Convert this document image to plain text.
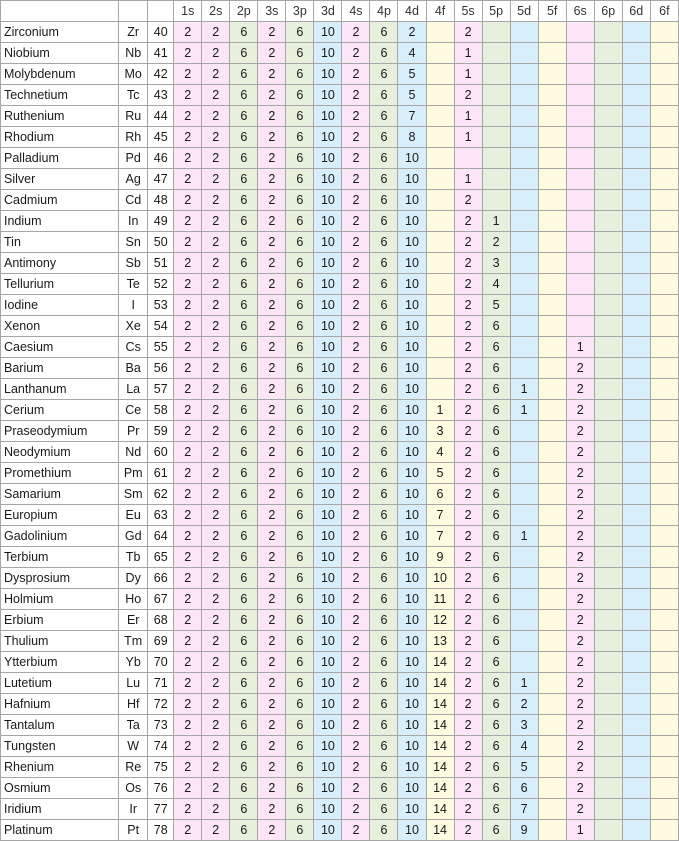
			1s	2s	2p	3s	3p	3d	4s	4p	4d	4f	5s	5p	5d	5f	6s	6p	6d	6f
Zirconium	Zr	40	2	2	6	2	6	10	2	6	2		2							
Niobium	Nb	41	2	2	6	2	6	10	2	6	4		1							
Molybdenum	Mo	42	2	2	6	2	6	10	2	6	5		1							
Technetium	Tc	43	2	2	6	2	6	10	2	6	5		2							
Ruthenium	Ru	44	2	2	6	2	6	10	2	6	7		1							
Rhodium	Rh	45	2	2	6	2	6	10	2	6	8		1							
Palladium	Pd	46	2	2	6	2	6	10	2	6	10									
Silver	Ag	47	2	2	6	2	6	10	2	6	10		1							
Cadmium	Cd	48	2	2	6	2	6	10	2	6	10		2							
Indium	In	49	2	2	6	2	6	10	2	6	10		2	1						
Tin	Sn	50	2	2	6	2	6	10	2	6	10		2	2						
Antimony	Sb	51	2	2	6	2	6	10	2	6	10		2	3						
Tellurium	Te	52	2	2	6	2	6	10	2	6	10		2	4						
Iodine	I	53	2	2	6	2	6	10	2	6	10		2	5						
Xenon	Xe	54	2	2	6	2	6	10	2	6	10		2	6						
Caesium	Cs	55	2	2	6	2	6	10	2	6	10		2	6			1			
Barium	Ba	56	2	2	6	2	6	10	2	6	10		2	6			2			
Lanthanum	La	57	2	2	6	2	6	10	2	6	10		2	6	1		2			
Cerium	Ce	58	2	2	6	2	6	10	2	6	10	1	2	6	1		2			
Praseodymium	Pr	59	2	2	6	2	6	10	2	6	10	3	2	6			2			
Neodymium	Nd	60	2	2	6	2	6	10	2	6	10	4	2	6			2			
Promethium	Pm	61	2	2	6	2	6	10	2	6	10	5	2	6			2			
Samarium	Sm	62	2	2	6	2	6	10	2	6	10	6	2	6			2			
Europium	Eu	63	2	2	6	2	6	10	2	6	10	7	2	6			2			
Gadolinium	Gd	64	2	2	6	2	6	10	2	6	10	7	2	6	1		2			
Terbium	Tb	65	2	2	6	2	6	10	2	6	10	9	2	6			2			
Dysprosium	Dy	66	2	2	6	2	6	10	2	6	10	10	2	6			2			
Holmium	Ho	67	2	2	6	2	6	10	2	6	10	11	2	6			2			
Erbium	Er	68	2	2	6	2	6	10	2	6	10	12	2	6			2			
Thulium	Tm	69	2	2	6	2	6	10	2	6	10	13	2	6			2			
Ytterbium	Yb	70	2	2	6	2	6	10	2	6	10	14	2	6			2			
Lutetium	Lu	71	2	2	6	2	6	10	2	6	10	14	2	6	1		2			
Hafnium	Hf	72	2	2	6	2	6	10	2	6	10	14	2	6	2		2			
Tantalum	Ta	73	2	2	6	2	6	10	2	6	10	14	2	6	3		2			
Tungsten	W	74	2	2	6	2	6	10	2	6	10	14	2	6	4		2			
Rhenium	Re	75	2	2	6	2	6	10	2	6	10	14	2	6	5		2			
Osmium	Os	76	2	2	6	2	6	10	2	6	10	14	2	6	6		2			
Iridium	Ir	77	2	2	6	2	6	10	2	6	10	14	2	6	7		2			
Platinum	Pt	78	2	2	6	2	6	10	2	6	10	14	2	6	9		1			
